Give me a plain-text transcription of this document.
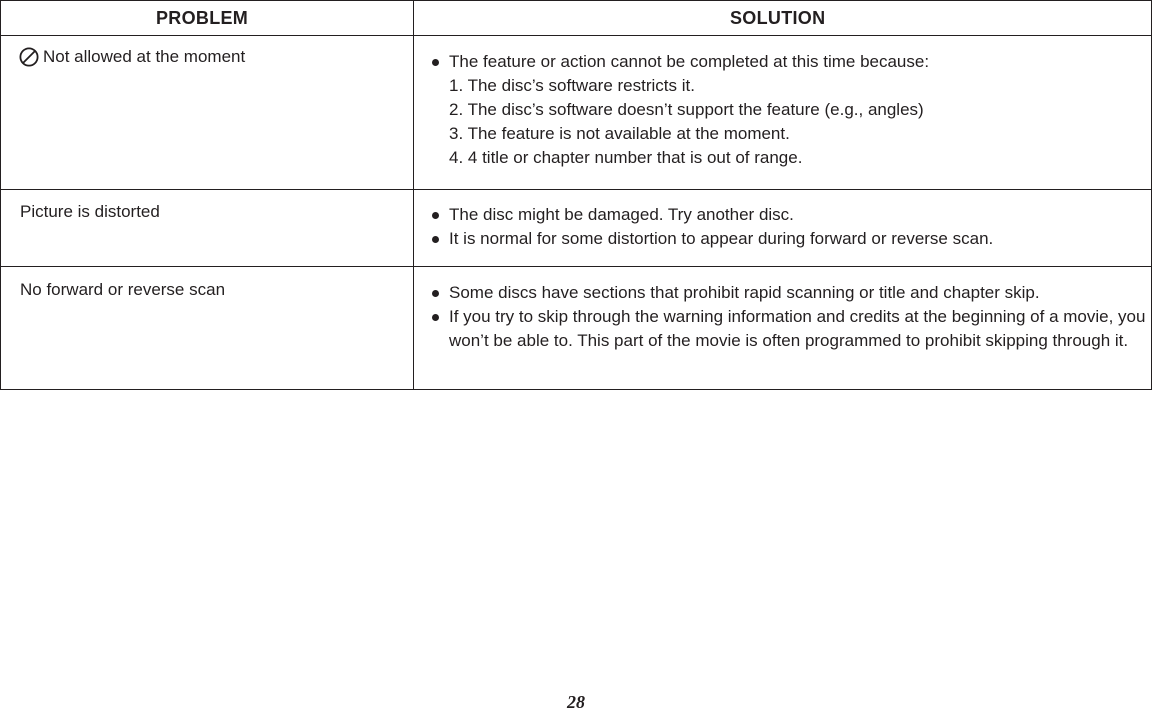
PROBLEM	SOLUTION
Not allowed at the moment	The feature or action cannot be completed at this time because:
1. The disc’s software restricts it.
2. The disc’s software doesn’t support the feature (e.g., angles)
3. The feature is not available at the moment.
4. 4 title or chapter number that is out of range.
Picture is distorted	The disc might be damaged. Try another disc.
It is normal for some distortion to appear during forward or reverse scan.
No forward or reverse scan	Some discs have sections that prohibit rapid scanning or title and chapter skip.
If you try to skip through the warning information and credits at the beginning of a movie, you won’t be able to. This part of the movie is often programmed to prohibit skipping through it.
28
